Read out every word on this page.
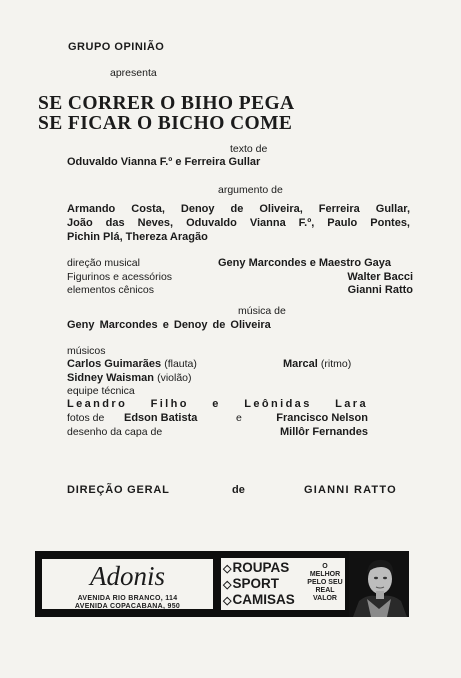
GRUPO OPINIÃO
apresenta
SE CORRER O BIHO PEGA
SE FICAR O BICHO COME
texto de
Oduvaldo Vianna F.º e Ferreira Gullar
argumento de
Armando Costa, Denoy de Oliveira, Ferreira Gullar,
João das Neves, Oduvaldo Vianna F.º, Paulo Pontes,
Pichin Plá, Thereza Aragão
direção musical	Geny Marcondes e Maestro Gaya
Figurinos e acessórios	Walter Bacci
elementos cênicos	Gianni Ratto
música de
Geny Marcondes e Denoy de Oliveira
músicos
Carlos Guimarães (flauta)	Marcal (ritmo)
Sidney Waisman (violão)
equipe técnica
Leandro Filho e Leônidas Lara
fotos de Edson Batista	e	Francisco Nelson
desenho da capa de	Millôr Fernandes
DIREÇÃO GERAL	de	GIANNI RATTO
Adonis
AVENIDA RIO BRANCO, 114
AVENIDA COPACABANA, 950
◇ROUPAS
◇SPORT
◇CAMISAS
O
MELHOR
PELO SEU
REAL
VALOR
